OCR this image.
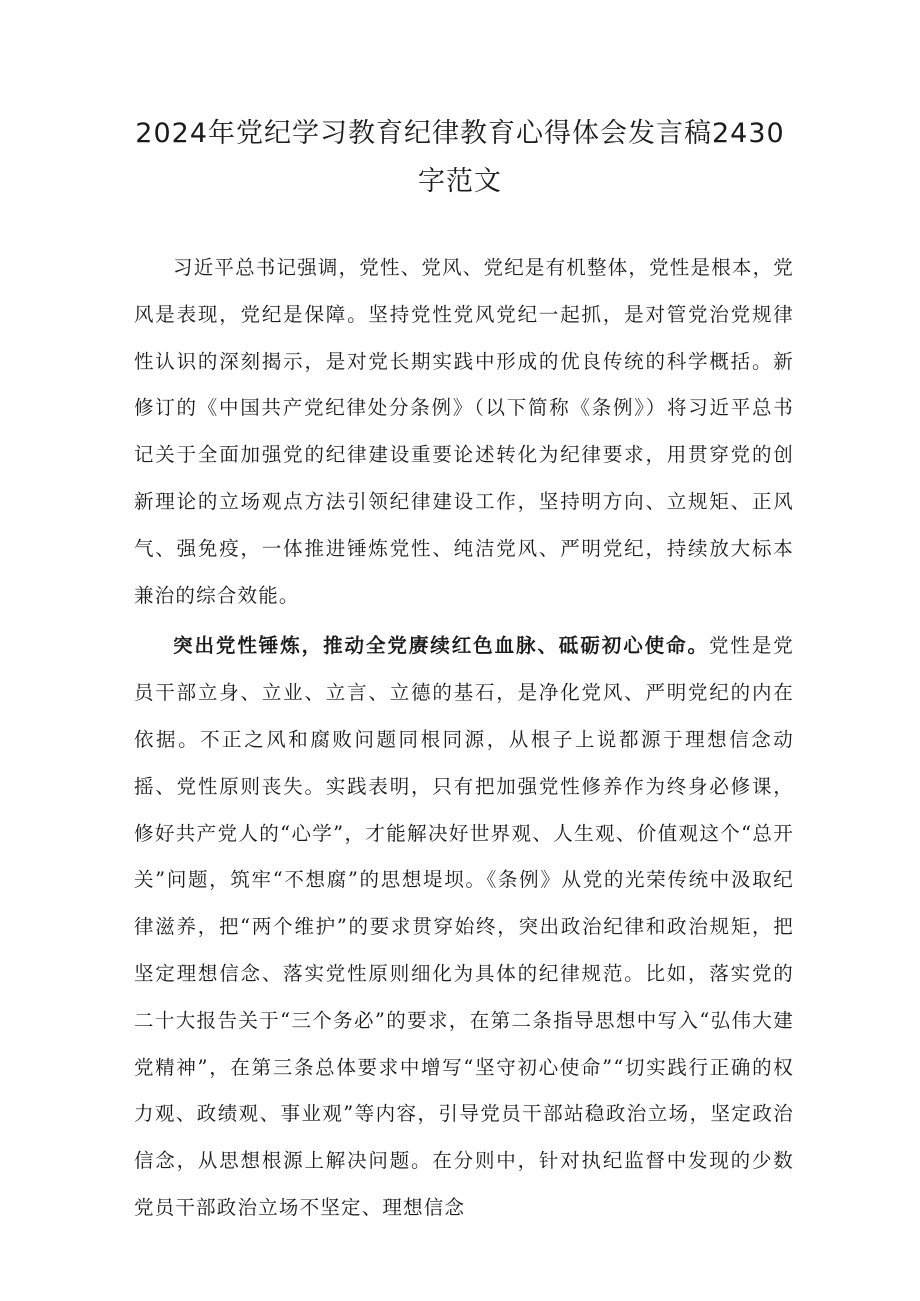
2024年党纪学习教育纪律教育心得体会发言稿2430
字范文

习近平总书记强调，党性、党风、党纪是有机整体，党性是根本，党风是表现，党纪是保障。坚持党性党风党纪一起抓，是对管党治党规律性认识的深刻揭示，是对党长期实践中形成的优良传统的科学概括。新修订的《中国共产党纪律处分条例》（以下简称《条例》）将习近平总书记关于全面加强党的纪律建设重要论述转化为纪律要求，用贯穿党的创新理论的立场观点方法引领纪律建设工作，坚持明方向、立规矩、正风气、强免疫，一体推进锤炼党性、纯洁党风、严明党纪，持续放大标本兼治的综合效能。

突出党性锤炼，推动全党赓续红色血脉、砥砺初心使命。党性是党员干部立身、立业、立言、立德的基石，是净化党风、严明党纪的内在依据。不正之风和腐败问题同根同源，从根子上说都源于理想信念动摇、党性原则丧失。实践表明，只有把加强党性修养作为终身必修课，修好共产党人的“心学”，才能解决好世界观、人生观、价值观这个“总开关”问题，筑牢“不想腐”的思想堤坝。《条例》从党的光荣传统中汲取纪律滋养，把“两个维护”的要求贯穿始终，突出政治纪律和政治规矩，把坚定理想信念、落实党性原则细化为具体的纪律规范。比如，落实党的二十大报告关于“三个务必”的要求，在第二条指导思想中写入“弘伟大建党精神”，在第三条总体要求中增写“坚守初心使命”“切实践行正确的权力观、政绩观、事业观”等内容，引导党员干部站稳政治立场，坚定政治信念，从思想根源上解决问题。在分则中，针对执纪监督中发现的少数党员干部政治立场不坚定、理想信念
